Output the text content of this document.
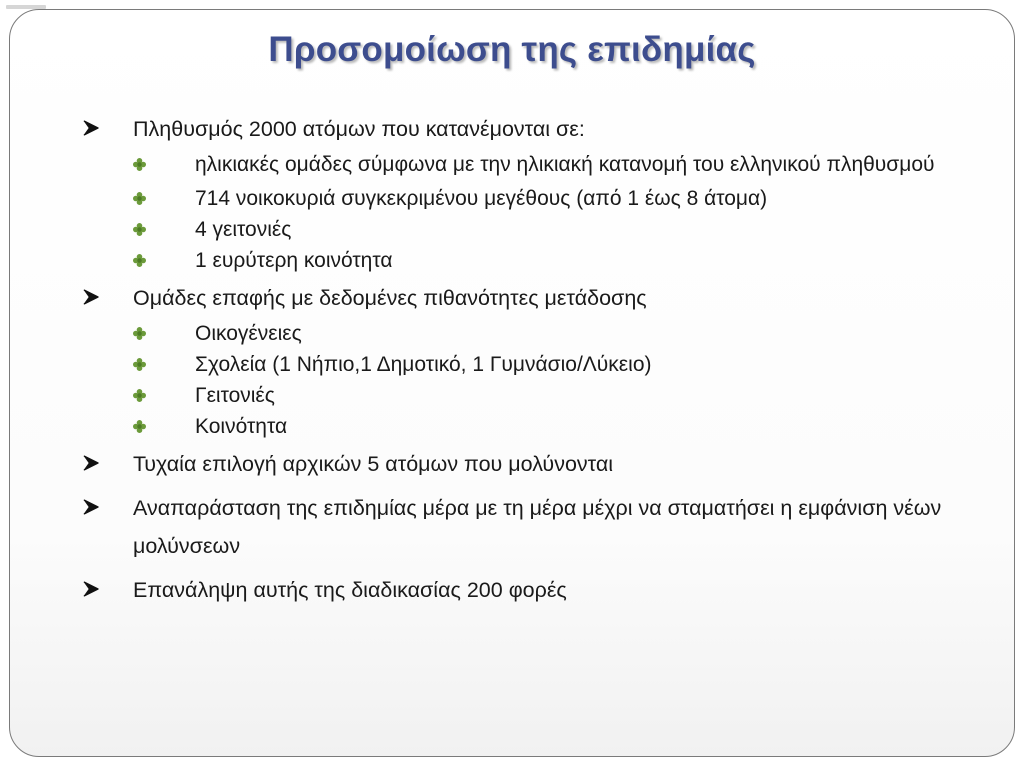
Προσομοίωση της επιδημίας
Πληθυσμός 2000 ατόμων που κατανέμονται σε:
ηλικιακές ομάδες σύμφωνα με την ηλικιακή κατανομή του ελληνικού πληθυσμού
714 νοικοκυριά συγκεκριμένου μεγέθους (από 1 έως 8 άτομα)
4 γειτονιές
1 ευρύτερη κοινότητα
Ομάδες επαφής με δεδομένες πιθανότητες μετάδοσης
Οικογένειες
Σχολεία (1 Νήπιο,1 Δημοτικό, 1 Γυμνάσιο/Λύκειο)
Γειτονιές
Κοινότητα
Τυχαία επιλογή αρχικών 5 ατόμων που μολύνονται
Αναπαράσταση της επιδημίας μέρα με τη μέρα μέχρι να σταματήσει η εμφάνιση νέων μολύνσεων
Επανάληψη αυτής της διαδικασίας 200 φορές
